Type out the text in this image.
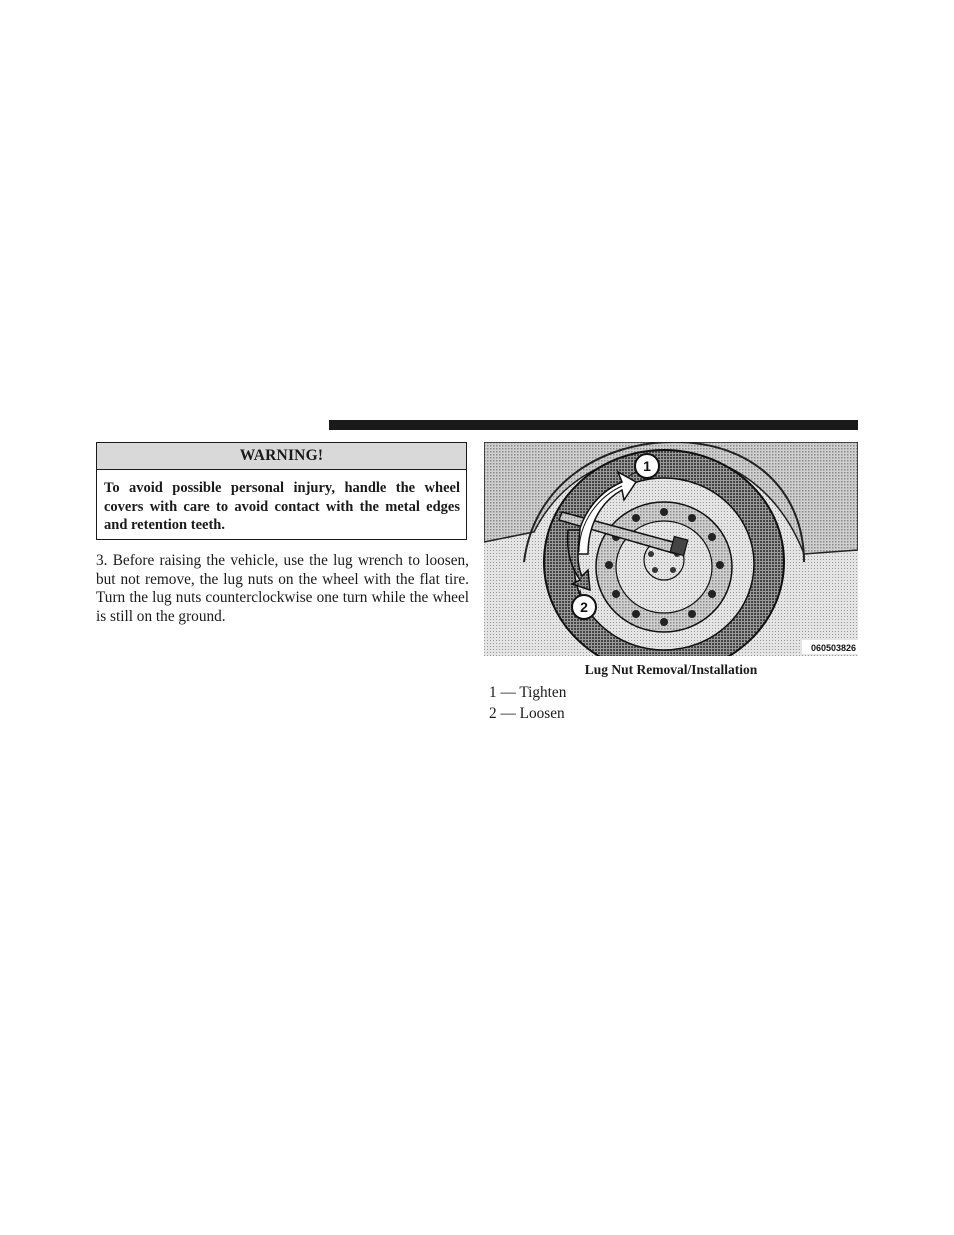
WARNING!
To avoid possible personal injury, handle the wheel covers with care to avoid contact with the metal edges and retention teeth.
3. Before raising the vehicle, use the lug wrench to loosen, but not remove, the lug nuts on the wheel with the flat tire. Turn the lug nuts counterclockwise one turn while the wheel is still on the ground.
1
2
060503826
Lug Nut Removal/Installation
1 — Tighten
2 — Loosen
